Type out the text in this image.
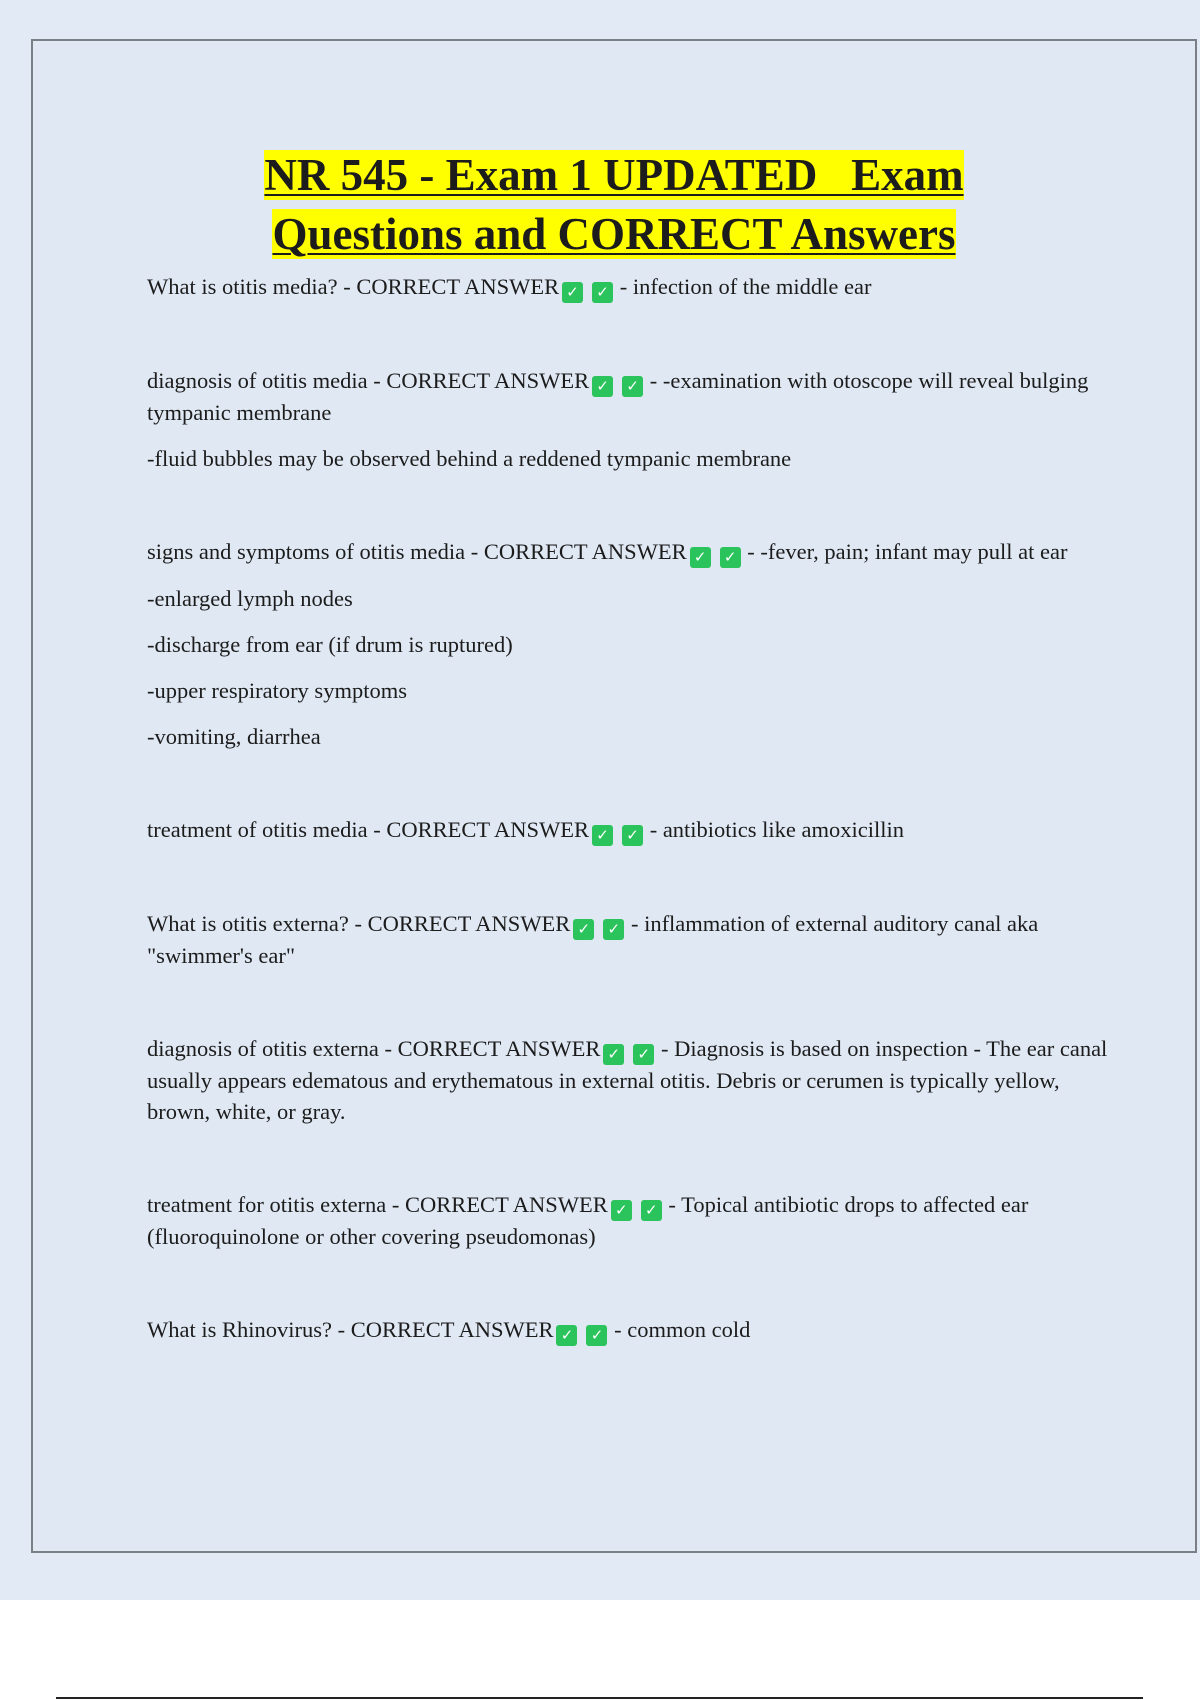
NR 545 - Exam 1 UPDATED   Exam
Questions and CORRECT Answers

What is otitis media? - CORRECT ANSWER ✓ ✓ - infection of the middle ear

diagnosis of otitis media - CORRECT ANSWER ✓ ✓ - -examination with otoscope will reveal bulging tympanic membrane

-fluid bubbles may be observed behind a reddened tympanic membrane

signs and symptoms of otitis media - CORRECT ANSWER ✓ ✓ - -fever, pain; infant may pull at ear

-enlarged lymph nodes

-discharge from ear (if drum is ruptured)

-upper respiratory symptoms

-vomiting, diarrhea

treatment of otitis media - CORRECT ANSWER ✓ ✓ - antibiotics like amoxicillin

What is otitis externa? - CORRECT ANSWER ✓ ✓ - inflammation of external auditory canal aka "swimmer's ear"

diagnosis of otitis externa - CORRECT ANSWER ✓ ✓ - Diagnosis is based on inspection - The ear canal usually appears edematous and erythematous in external otitis. Debris or cerumen is typically yellow, brown, white, or gray.

treatment for otitis externa - CORRECT ANSWER ✓ ✓ - Topical antibiotic drops to affected ear (fluoroquinolone or other covering pseudomonas)

What is Rhinovirus? - CORRECT ANSWER ✓ ✓ - common cold
